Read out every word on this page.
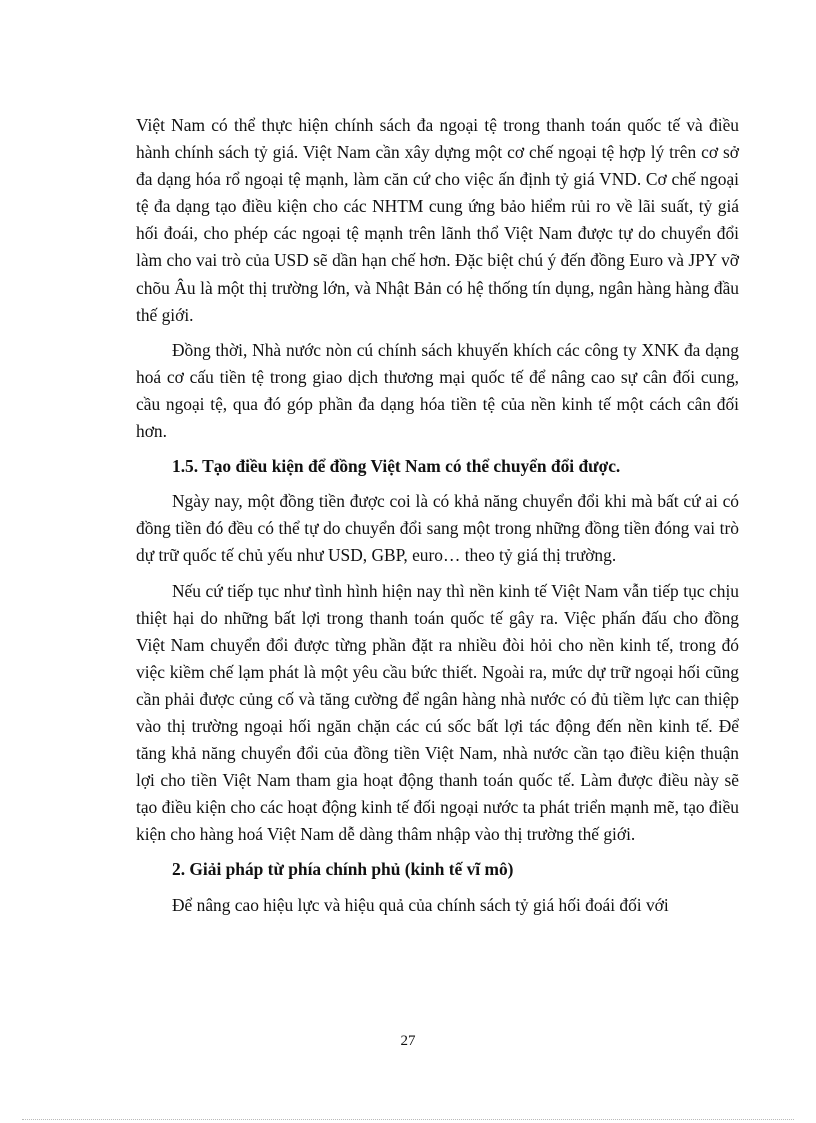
Việt Nam có thể thực hiện chính sách đa ngoại tệ trong thanh toán quốc tế và điều hành chính sách tỷ giá. Việt Nam cần xây dựng một cơ chế ngoại tệ hợp lý trên cơ sở đa dạng hóa rổ ngoại tệ mạnh, làm căn cứ cho việc ấn định tỷ giá VND. Cơ chế ngoại tệ đa dạng tạo điều kiện cho các NHTM cung ứng bảo hiểm rủi ro về lãi suất, tỷ giá hối đoái, cho phép các ngoại tệ mạnh trên lãnh thổ Việt Nam được tự do chuyển đổi làm cho vai trò của USD sẽ dần hạn chế hơn. Đặc biệt chú ý đến đồng Euro và JPY vỡ chõu Âu là một thị trường lớn, và Nhật Bản có hệ thống tín dụng, ngân hàng hàng đầu thế giới.

Đồng thời, Nhà nước nòn cú chính sách khuyến khích các công ty XNK đa dạng hoá cơ cấu tiền tệ trong giao dịch thương mại quốc tế để nâng cao sự cân đối cung, cầu ngoại tệ, qua đó góp phần đa dạng hóa tiền tệ của nền kinh tế một cách cân đối hơn.

1.5. Tạo điều kiện để đồng Việt Nam có thể chuyển đổi được.

Ngày nay, một đồng tiền được coi là có khả năng chuyển đổi khi mà bất cứ ai có đồng tiền đó đều có thể tự do chuyển đổi sang một trong những đồng tiền đóng vai trò dự trữ quốc tế chủ yếu như USD, GBP, euro… theo tỷ giá thị trường.

Nếu cứ tiếp tục như tình hình hiện nay thì nền kinh tế Việt Nam vẫn tiếp tục chịu thiệt hại do những bất lợi trong thanh toán quốc tế gây ra. Việc phấn đấu cho đồng Việt Nam chuyển đổi được từng phần đặt ra nhiều đòi hỏi cho nền kinh tế, trong đó việc kiềm chế lạm phát là một yêu cầu bức thiết. Ngoài ra, mức dự trữ ngoại hối cũng cần phải được củng cố và tăng cường để ngân hàng nhà nước có đủ tiềm lực can thiệp vào thị trường ngoại hối ngăn chặn các cú sốc bất lợi tác động đến nền kinh tế. Để tăng khả năng chuyển đổi của đồng tiền Việt Nam, nhà nước cần tạo điều kiện thuận lợi cho tiền Việt Nam tham gia hoạt động thanh toán quốc tế. Làm được điều này sẽ tạo điều kiện cho các hoạt động kinh tế đối ngoại nước ta phát triển mạnh mẽ, tạo điều kiện cho hàng hoá Việt Nam dễ dàng thâm nhập vào thị trường thế giới.

2. Giải pháp từ phía chính phủ (kinh tế vĩ mô)

Để nâng cao hiệu lực và hiệu quả của chính sách tỷ giá hối đoái đối với

27
